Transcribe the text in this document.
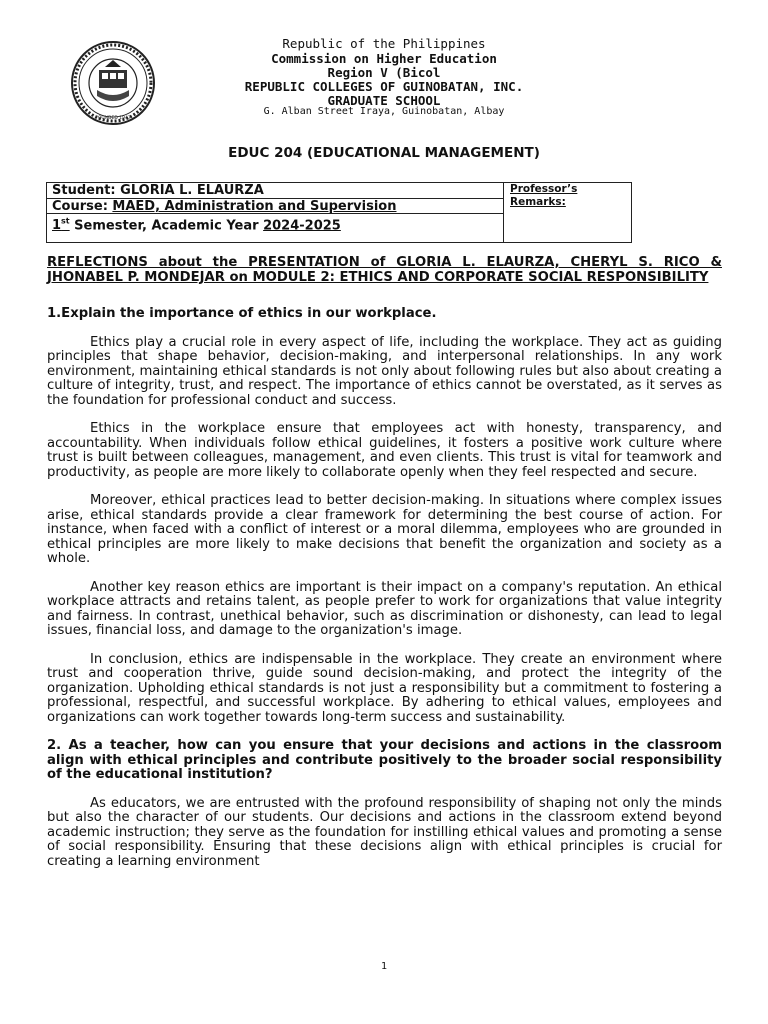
FOUNDED 1947
Republic of the Philippines
Commission on Higher Education
Region V (Bicol
REPUBLIC COLLEGES OF GUINOBATAN, INC.
GRADUATE SCHOOL
G. Alban Street Iraya, Guinobatan, Albay
EDUC 204 (EDUCATIONAL MANAGEMENT)
Student: GLORIA L. ELAURZA
Course: MAED, Administration and Supervision
1st Semester, Academic Year 2024-2025
Professor’s Remarks:

REFLECTIONS about the PRESENTATION of GLORIA L. ELAURZA, CHERYL S. RICO & JHONABEL P. MONDEJAR on MODULE 2: ETHICS AND CORPORATE SOCIAL RESPONSIBILITY

1.Explain the importance of ethics in our workplace.

Ethics play a crucial role in every aspect of life, including the workplace. They act as guiding principles that shape behavior, decision-making, and interpersonal relationships. In any work environment, maintaining ethical standards is not only about following rules but also about creating a culture of integrity, trust, and respect. The importance of ethics cannot be overstated, as it serves as the foundation for professional conduct and success.

Ethics in the workplace ensure that employees act with honesty, transparency, and accountability. When individuals follow ethical guidelines, it fosters a positive work culture where trust is built between colleagues, management, and even clients. This trust is vital for teamwork and productivity, as people are more likely to collaborate openly when they feel respected and secure.

Moreover, ethical practices lead to better decision-making. In situations where complex issues arise, ethical standards provide a clear framework for determining the best course of action. For instance, when faced with a conflict of interest or a moral dilemma, employees who are grounded in ethical principles are more likely to make decisions that benefit the organization and society as a whole.

Another key reason ethics are important is their impact on a company's reputation. An ethical workplace attracts and retains talent, as people prefer to work for organizations that value integrity and fairness. In contrast, unethical behavior, such as discrimination or dishonesty, can lead to legal issues, financial loss, and damage to the organization's image.

In conclusion, ethics are indispensable in the workplace. They create an environment where trust and cooperation thrive, guide sound decision-making, and protect the integrity of the organization. Upholding ethical standards is not just a responsibility but a commitment to fostering a professional, respectful, and successful workplace. By adhering to ethical values, employees and organizations can work together towards long-term success and sustainability.

2. As a teacher, how can you ensure that your decisions and actions in the classroom align with ethical principles and contribute positively to the broader social responsibility of the educational institution?

As educators, we are entrusted with the profound responsibility of shaping not only the minds but also the character of our students. Our decisions and actions in the classroom extend beyond academic instruction; they serve as the foundation for instilling ethical values and promoting a sense of social responsibility. Ensuring that these decisions align with ethical principles is crucial for creating a learning environment

1
